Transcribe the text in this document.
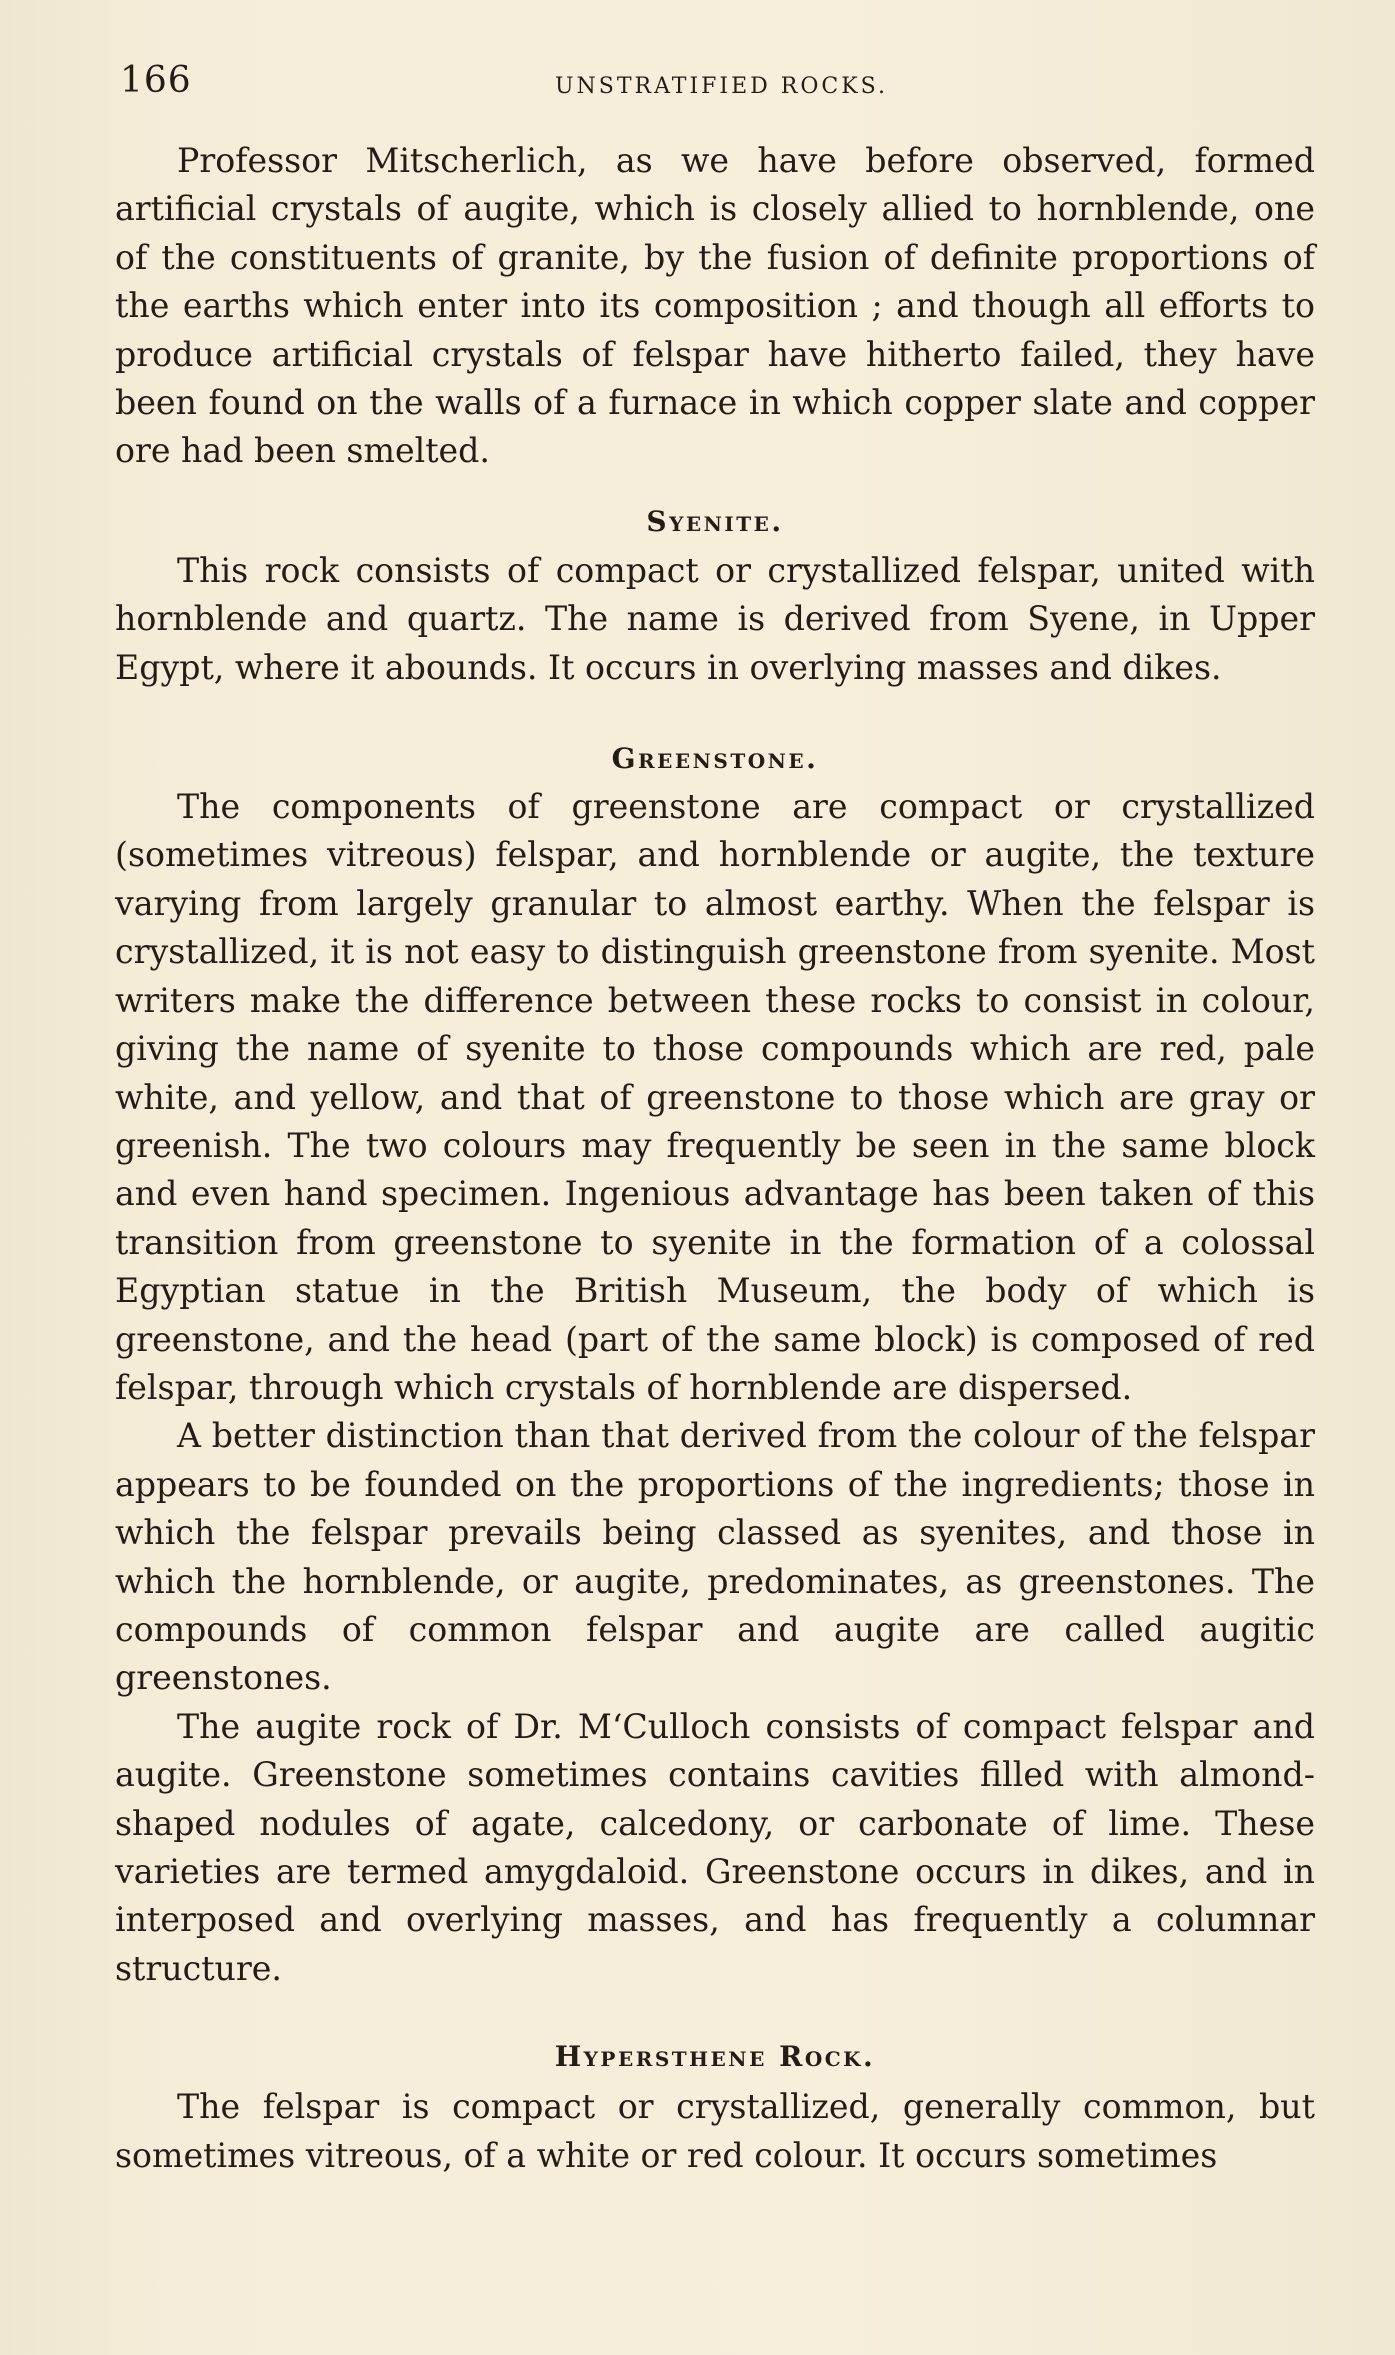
166	UNSTRATIFIED ROCKS.

Professor Mitscherlich, as we have before observed, formed artificial crystals of augite, which is closely allied to hornblende, one of the constituents of granite, by the fusion of definite proportions of the earths which enter into its composition ; and though all efforts to produce artificial crystals of felspar have hitherto failed, they have been found on the walls of a furnace in which copper slate and copper ore had been smelted.

Syenite.

This rock consists of compact or crystallized felspar, united with hornblende and quartz. The name is derived from Syene, in Upper Egypt, where it abounds. It occurs in overlying masses and dikes.

Greenstone.

The components of greenstone are compact or crystallized (sometimes vitreous) felspar, and hornblende or augite, the texture varying from largely granular to almost earthy. When the felspar is crystallized, it is not easy to distinguish greenstone from syenite. Most writers make the difference between these rocks to consist in colour, giving the name of syenite to those compounds which are red, pale white, and yellow, and that of greenstone to those which are gray or greenish. The two colours may frequently be seen in the same block and even hand specimen. Ingenious advantage has been taken of this transition from greenstone to syenite in the formation of a colossal Egyptian statue in the British Museum, the body of which is greenstone, and the head (part of the same block) is composed of red felspar, through which crystals of hornblende are dispersed.

A better distinction than that derived from the colour of the felspar appears to be founded on the proportions of the ingredients; those in which the felspar prevails being classed as syenites, and those in which the hornblende, or augite, predominates, as greenstones. The compounds of common felspar and augite are called augitic greenstones.

The augite rock of Dr. M‘Culloch consists of compact felspar and augite. Greenstone sometimes contains cavities filled with almond-shaped nodules of agate, calcedony, or carbonate of lime. These varieties are termed amygdaloid. Greenstone occurs in dikes, and in interposed and overlying masses, and has frequently a columnar structure.

Hypersthene Rock.

The felspar is compact or crystallized, generally common, but sometimes vitreous, of a white or red colour. It occurs sometimes
